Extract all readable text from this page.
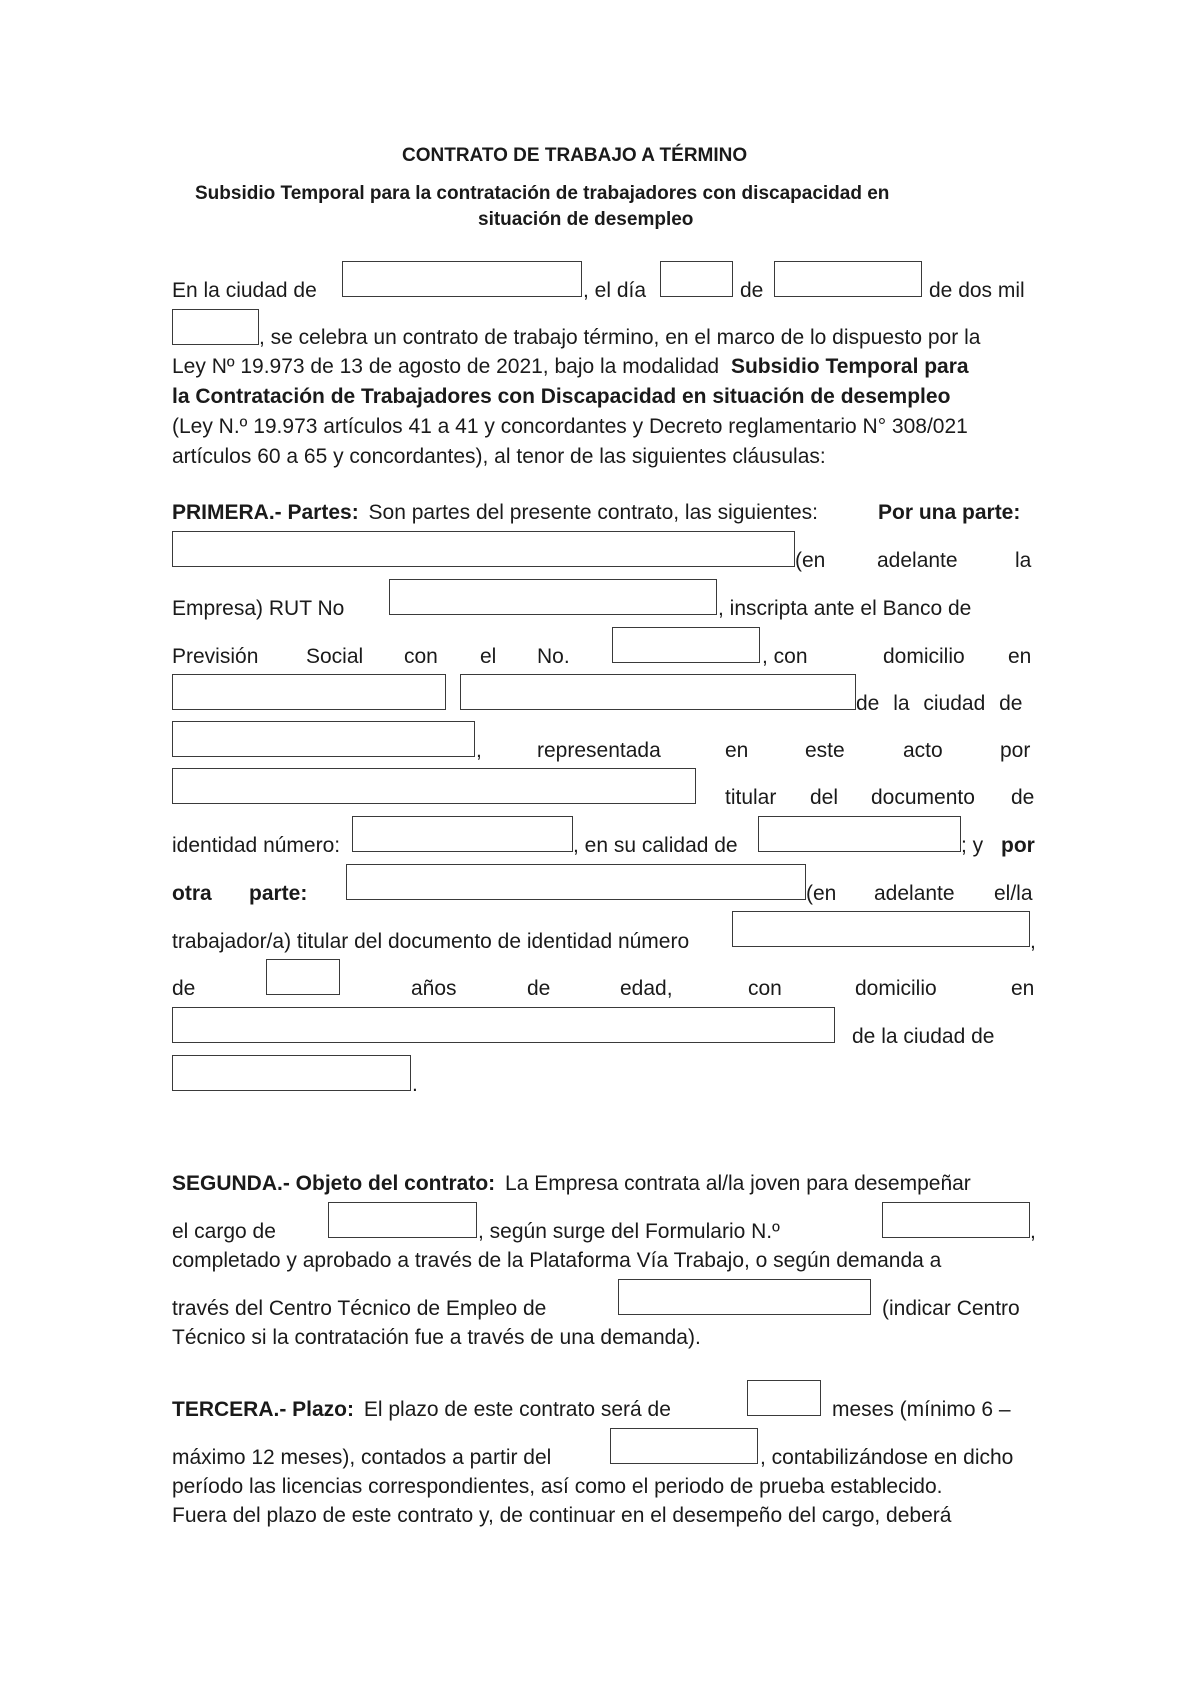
CONTRATO DE TRABAJO A TÉRMINO
Subsidio Temporal para la contratación de trabajadores con discapacidad en
situación de desempleo
En la ciudad de	, el día	de	de dos mil
, se celebra un contrato de trabajo término, en el marco de lo dispuesto por la
Ley Nº 19.973 de 13 de agosto de 2021, bajo la modalidad Subsidio Temporal para
la Contratación de Trabajadores con Discapacidad en situación de desempleo
(Ley N.º 19.973 artículos 41 a 41 y concordantes y Decreto reglamentario N° 308/021
artículos 60 a 65 y concordantes), al tenor de las siguientes cláusulas:
PRIMERA.- Partes: Son partes del presente contrato, las siguientes:	Por una parte:
(en adelante	la
Empresa) RUT No	, inscripta ante el Banco de
Previsión Social con el No.	, con	domicilio en
de la ciudad de
,	representada	en	este	acto	por
titular del documento de
identidad número:	, en su calidad de	; y por
otra parte:	(en adelante el/la
trabajador/a) titular del documento de identidad número	,
de	años	de	edad,	con	domicilio	en
de la ciudad de
.
SEGUNDA.- Objeto del contrato: La Empresa contrata al/la joven para desempeñar
el cargo de	, según surge del Formulario N.º	,
completado y aprobado a través de la Plataforma Vía Trabajo, o según demanda a
través del Centro Técnico de Empleo de	(indicar Centro
Técnico si la contratación fue a través de una demanda).
TERCERA.- Plazo: El plazo de este contrato será de	meses (mínimo 6 –
máximo 12 meses), contados a partir del	, contabilizándose en dicho
período las licencias correspondientes, así como el periodo de prueba establecido.
Fuera del plazo de este contrato y, de continuar en el desempeño del cargo, deberá
